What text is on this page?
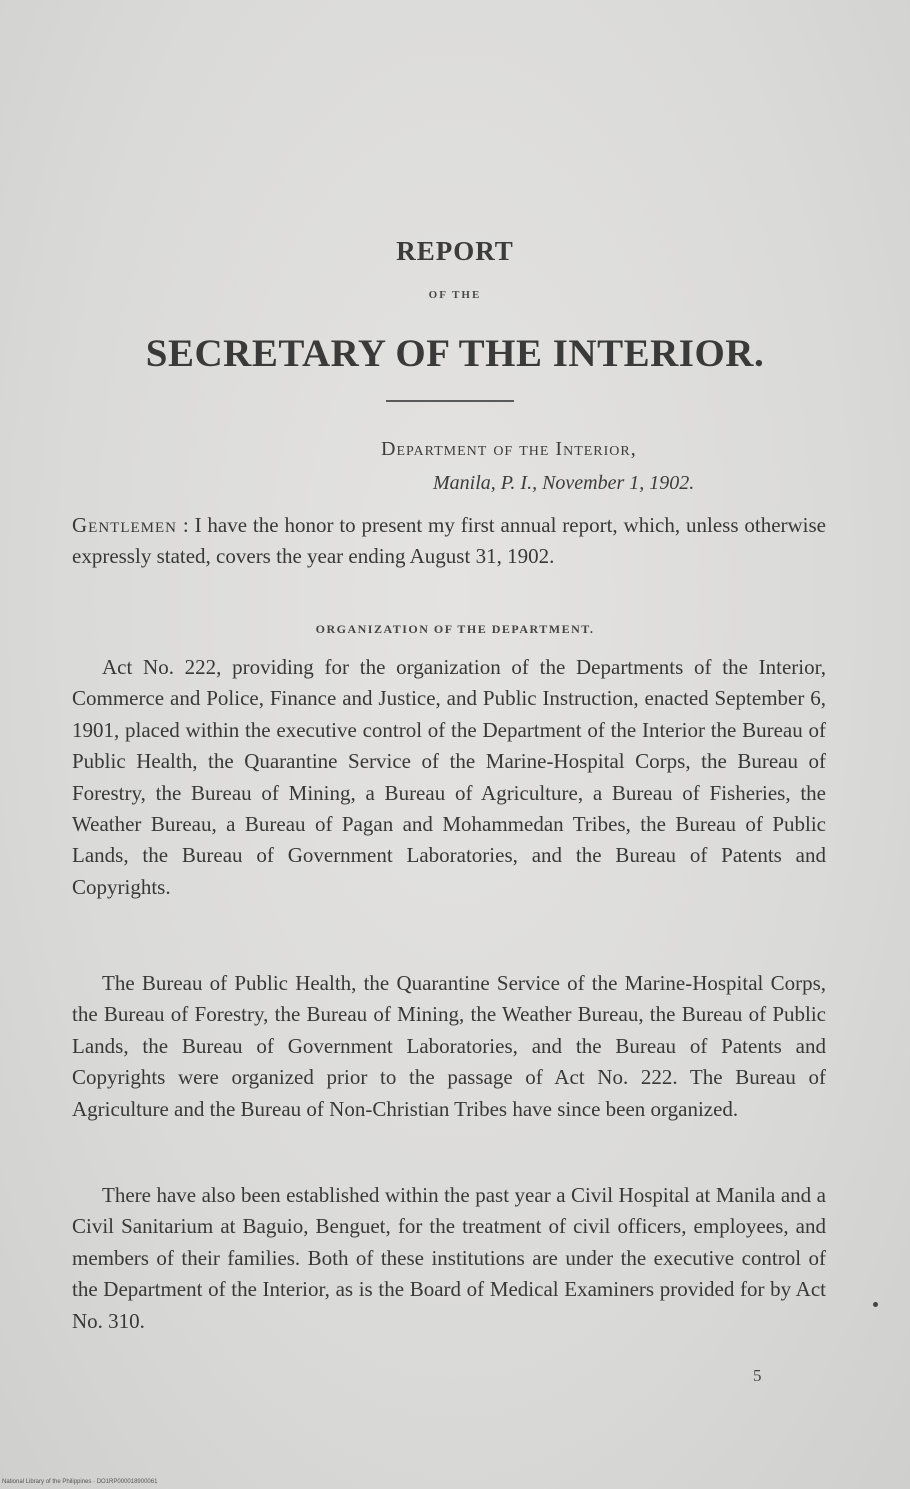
REPORT
OF THE
SECRETARY OF THE INTERIOR.
Department of the Interior,
Manila, P. I., November 1, 1902.
Gentlemen : I have the honor to present my first annual report, which, unless otherwise expressly stated, covers the year ending August 31, 1902.
ORGANIZATION OF THE DEPARTMENT.
Act No. 222, providing for the organization of the Departments of the Interior, Commerce and Police, Finance and Justice, and Public Instruction, enacted September 6, 1901, placed within the executive control of the Department of the Interior the Bureau of Public Health, the Quarantine Service of the Marine-Hospital Corps, the Bureau of Forestry, the Bureau of Mining, a Bureau of Agriculture, a Bureau of Fisheries, the Weather Bureau, a Bureau of Pagan and Mohammedan Tribes, the Bureau of Public Lands, the Bureau of Government Laboratories, and the Bureau of Patents and Copyrights.
The Bureau of Public Health, the Quarantine Service of the Marine-Hospital Corps, the Bureau of Forestry, the Bureau of Mining, the Weather Bureau, the Bureau of Public Lands, the Bureau of Government Laboratories, and the Bureau of Patents and Copyrights were organized prior to the passage of Act No. 222. The Bureau of Agriculture and the Bureau of Non-Christian Tribes have since been organized.
There have also been established within the past year a Civil Hospital at Manila and a Civil Sanitarium at Baguio, Benguet, for the treatment of civil officers, employees, and members of their families. Both of these institutions are under the executive control of the Department of the Interior, as is the Board of Medical Examiners provided for by Act No. 310.
5
National Library of the Philippines · DO1RP000018900061
